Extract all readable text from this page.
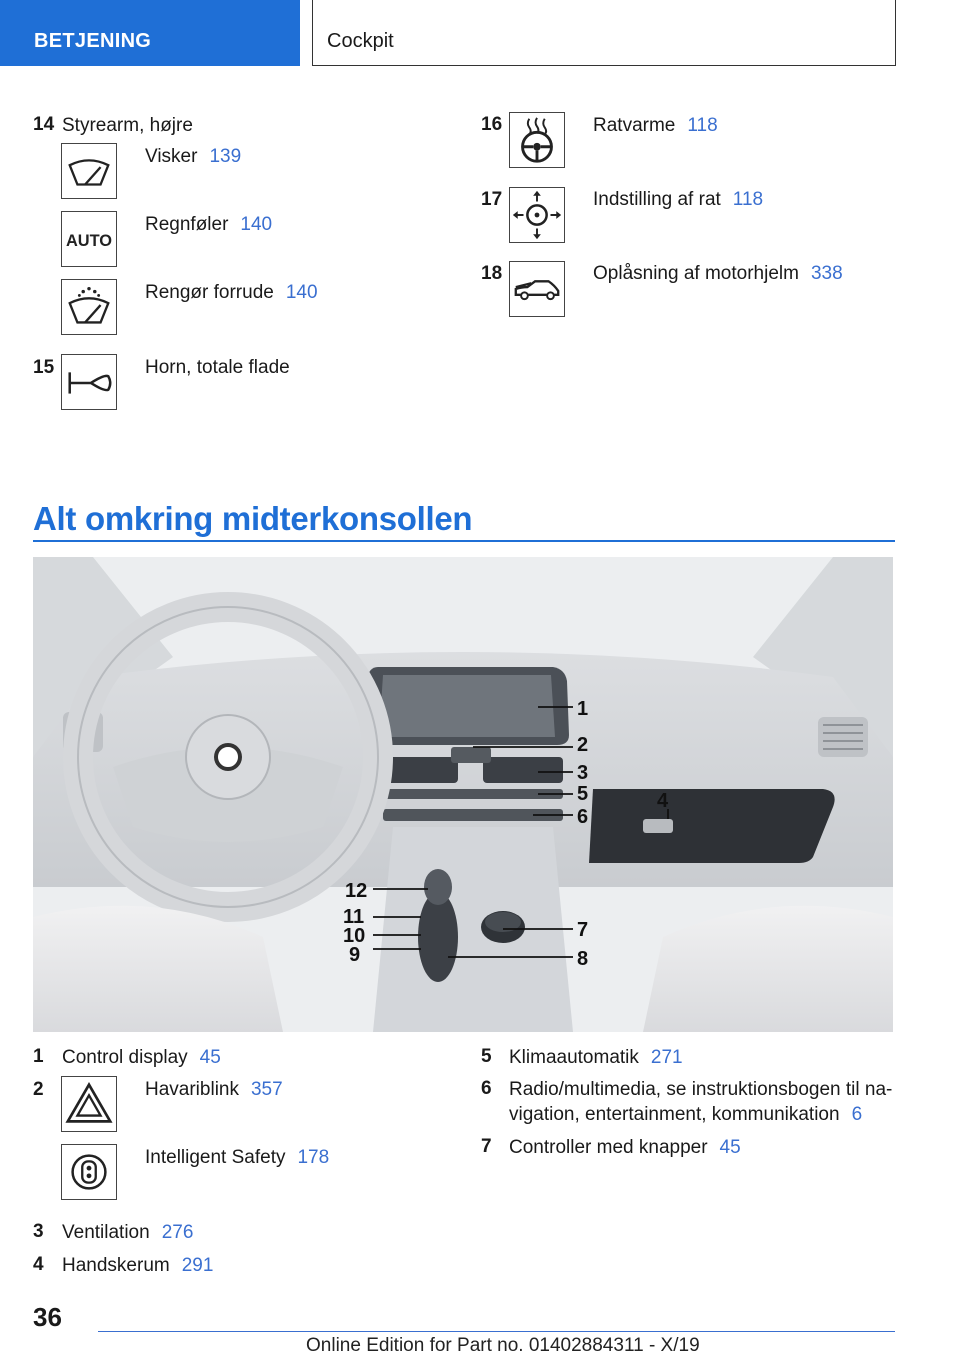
BETJENING	Cockpit
14 Styrearm, højre
Visker 139
AUTO
Regnføler 140
Rengør forrude 140
15	Horn, totale flade
16	Ratvarme 118
17	Indstilling af rat 118
18	Oplåsning af motorhjelm 338
Alt omkring midterkonsollen
1
2
3
4
5
6
7
8
9
10
11
12
1 Control display 45
2	Havariblink 357
Intelligent Safety 178
3 Ventilation 276
4 Handskerum 291
5 Klimaautomatik 271
6 Radio/multimedia, se instruktionsbogen til na-
vigation, entertainment, kommunikation 6
7 Controller med knapper 45
36
Online Edition for Part no. 01402884311 - X/19
